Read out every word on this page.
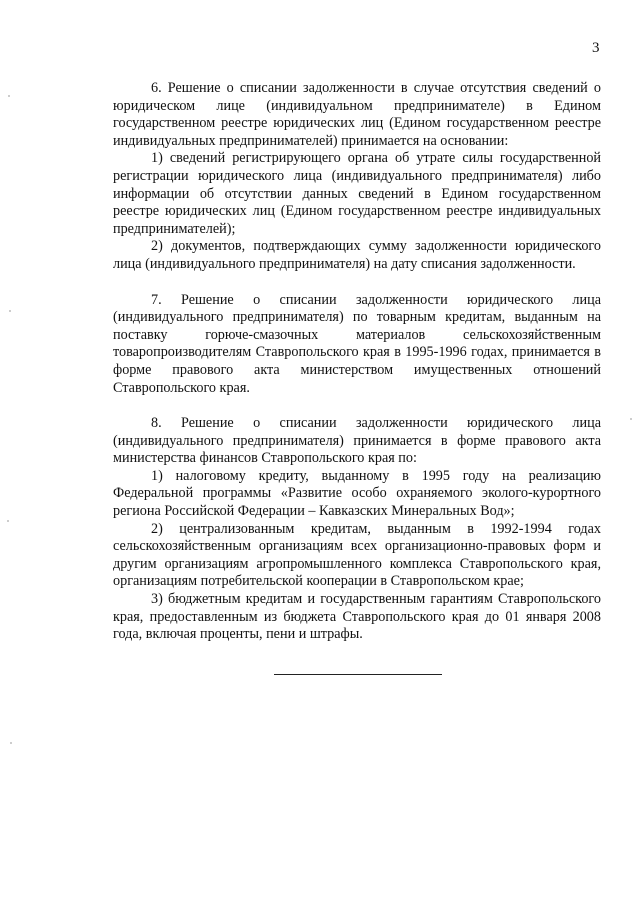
3

6. Решение о списании задолженности в случае отсутствия сведений о юридическом лице (индивидуальном предпринимателе) в Едином государственном реестре юридических лиц (Едином государственном реестре индивидуальных предпринимателей) принимается на основании:

1) сведений регистрирующего органа об утрате силы государственной регистрации юридического лица (индивидуального предпринимателя) либо информации об отсутствии данных сведений в Едином государственном реестре юридических лиц (Едином государственном реестре индивидуальных предпринимателей);

2) документов, подтверждающих сумму задолженности юридического лица (индивидуального предпринимателя) на дату списания задолженности.

7. Решение о списании задолженности юридического лица (индивидуального предпринимателя) по товарным кредитам, выданным на поставку горюче-смазочных материалов сельскохозяйственным товаропроизводителям Ставропольского края в 1995-1996 годах, принимается в форме правового акта министерством имущественных отношений Ставропольского края.

8. Решение о списании задолженности юридического лица (индивидуального предпринимателя) принимается в форме правового акта министерства финансов Ставропольского края по:

1) налоговому кредиту, выданному в 1995 году на реализацию Федеральной программы «Развитие особо охраняемого эколого-курортного региона Российской Федерации – Кавказских Минеральных Вод»;

2) централизованным кредитам, выданным в 1992-1994 годах сельскохозяйственным организациям всех организационно-правовых форм и другим организациям агропромышленного комплекса Ставропольского края, организациям потребительской кооперации в Ставропольском крае;

3) бюджетным кредитам и государственным гарантиям Ставропольского края, предоставленным из бюджета Ставропольского края до 01 января 2008 года, включая проценты, пени и штрафы.
